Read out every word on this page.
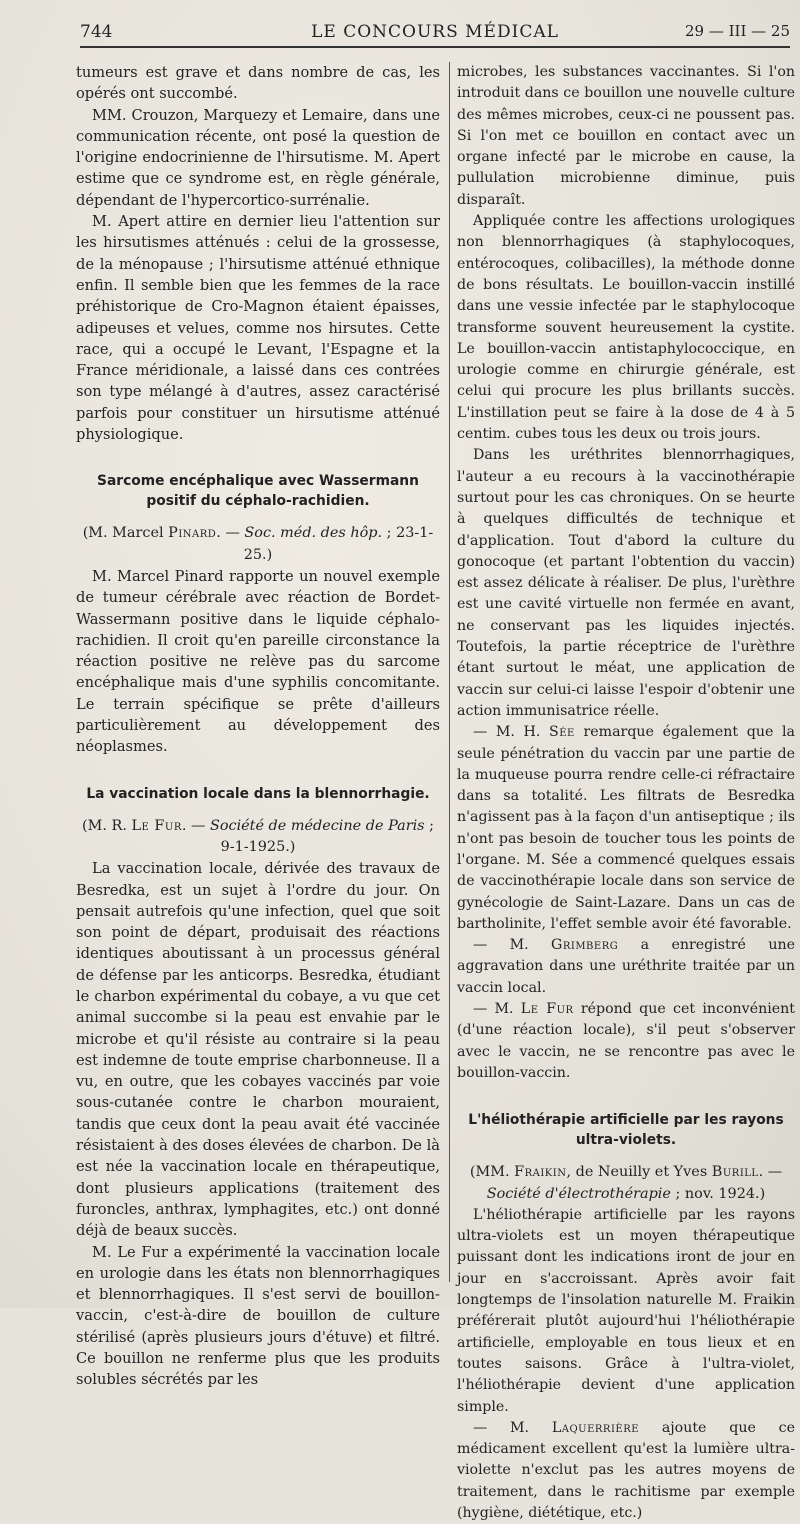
744	LE CONCOURS MÉDICAL	29 — III — 25

tumeurs est grave et dans nombre de cas, les opérés ont succombé.

MM. Crouzon, Marquezy et Lemaire, dans une communication récente, ont posé la question de l'origine endocrinienne de l'hirsutisme. M. Apert estime que ce syndrome est, en règle générale, dépendant de l'hypercortico-surrénalie.

M. Apert attire en dernier lieu l'attention sur les hirsutismes atténués : celui de la grossesse, de la ménopause ; l'hirsutisme atténué ethnique enfin. Il semble bien que les femmes de la race préhistorique de Cro-Magnon étaient épaisses, adipeuses et velues, comme nos hirsutes. Cette race, qui a occupé le Levant, l'Espagne et la France méridionale, a laissé dans ces contrées son type mélangé à d'autres, assez caractérisé parfois pour constituer un hirsutisme atténué physiologique.

Sarcome encéphalique avec Wassermann positif du céphalo-rachidien.

(M. Marcel Pinard. — Soc. méd. des hôp. ; 23-1-25.)

M. Marcel Pinard rapporte un nouvel exemple de tumeur cérébrale avec réaction de Bordet-Wassermann positive dans le liquide céphalo-rachidien. Il croit qu'en pareille circonstance la réaction positive ne relève pas du sarcome encéphalique mais d'une syphilis concomitante. Le terrain spécifique se prête d'ailleurs particulièrement au développement des néoplasmes.

La vaccination locale dans la blennorrhagie.

(M. R. Le Fur. — Société de médecine de Paris ; 9-1-1925.)

La vaccination locale, dérivée des travaux de Besredka, est un sujet à l'ordre du jour. On pensait autrefois qu'une infection, quel que soit son point de départ, produisait des réactions identiques aboutissant à un processus général de défense par les anticorps. Besredka, étudiant le charbon expérimental du cobaye, a vu que cet animal succombe si la peau est envahie par le microbe et qu'il résiste au contraire si la peau est indemne de toute emprise charbonneuse. Il a vu, en outre, que les cobayes vaccinés par voie sous-cutanée contre le charbon mouraient, tandis que ceux dont la peau avait été vaccinée résistaient à des doses élevées de charbon. De là est née la vaccination locale en thérapeutique, dont plusieurs applications (traitement des furoncles, anthrax, lymphagites, etc.) ont donné déjà de beaux succès.

M. Le Fur a expérimenté la vaccination locale en urologie dans les états non blennorrhagiques et blennorrhagiques. Il s'est servi de bouillon-vaccin, c'est-à-dire de bouillon de culture stérilisé (après plusieurs jours d'étuve) et filtré. Ce bouillon ne renferme plus que les produits solubles sécrétés par les

microbes, les substances vaccinantes. Si l'on introduit dans ce bouillon une nouvelle culture des mêmes microbes, ceux-ci ne poussent pas. Si l'on met ce bouillon en contact avec un organe infecté par le microbe en cause, la pullulation microbienne diminue, puis disparaît.

Appliquée contre les affections urologiques non blennorrhagiques (à staphylocoques, entérocoques, colibacilles), la méthode donne de bons résultats. Le bouillon-vaccin instillé dans une vessie infectée par le staphylocoque transforme souvent heureusement la cystite. Le bouillon-vaccin antistaphylococcique, en urologie comme en chirurgie générale, est celui qui procure les plus brillants succès. L'instillation peut se faire à la dose de 4 à 5 centim. cubes tous les deux ou trois jours.

Dans les uréthrites blennorrhagiques, l'auteur a eu recours à la vaccinothérapie surtout pour les cas chroniques. On se heurte à quelques difficultés de technique et d'application. Tout d'abord la culture du gonocoque (et partant l'obtention du vaccin) est assez délicate à réaliser. De plus, l'urèthre est une cavité virtuelle non fermée en avant, ne conservant pas les liquides injectés. Toutefois, la partie réceptrice de l'urèthre étant surtout le méat, une application de vaccin sur celui-ci laisse l'espoir d'obtenir une action immunisatrice réelle.

— M. H. Sée remarque également que la seule pénétration du vaccin par une partie de la muqueuse pourra rendre celle-ci réfractaire dans sa totalité. Les filtrats de Besredka n'agissent pas à la façon d'un antiseptique ; ils n'ont pas besoin de toucher tous les points de l'organe. M. Sée a commencé quelques essais de vaccinothérapie locale dans son service de gynécologie de Saint-Lazare. Dans un cas de bartholinite, l'effet semble avoir été favorable.

— M. Grimberg a enregistré une aggravation dans une uréthrite traitée par un vaccin local.

— M. Le Fur répond que cet inconvénient (d'une réaction locale), s'il peut s'observer avec le vaccin, ne se rencontre pas avec le bouillon-vaccin.

L'héliothérapie artificielle par les rayons ultra-violets.

(MM. Fraikin, de Neuilly et Yves Burill. — Société d'électrothérapie ; nov. 1924.)

L'héliothérapie artificielle par les rayons ultra-violets est un moyen thérapeutique puissant dont les indications iront de jour en jour en s'accroissant. Après avoir fait longtemps de l'insolation naturelle M. Fraikin préférerait plutôt aujourd'hui l'héliothérapie artificielle, employable en tous lieux et en toutes saisons. Grâce à l'ultra-violet, l'héliothérapie devient d'une application simple.

— M. Laquerrière ajoute que ce médicament excellent qu'est la lumière ultra-violette n'exclut pas les autres moyens de traitement, dans le rachitisme par exemple (hygiène, diététique, etc.)
